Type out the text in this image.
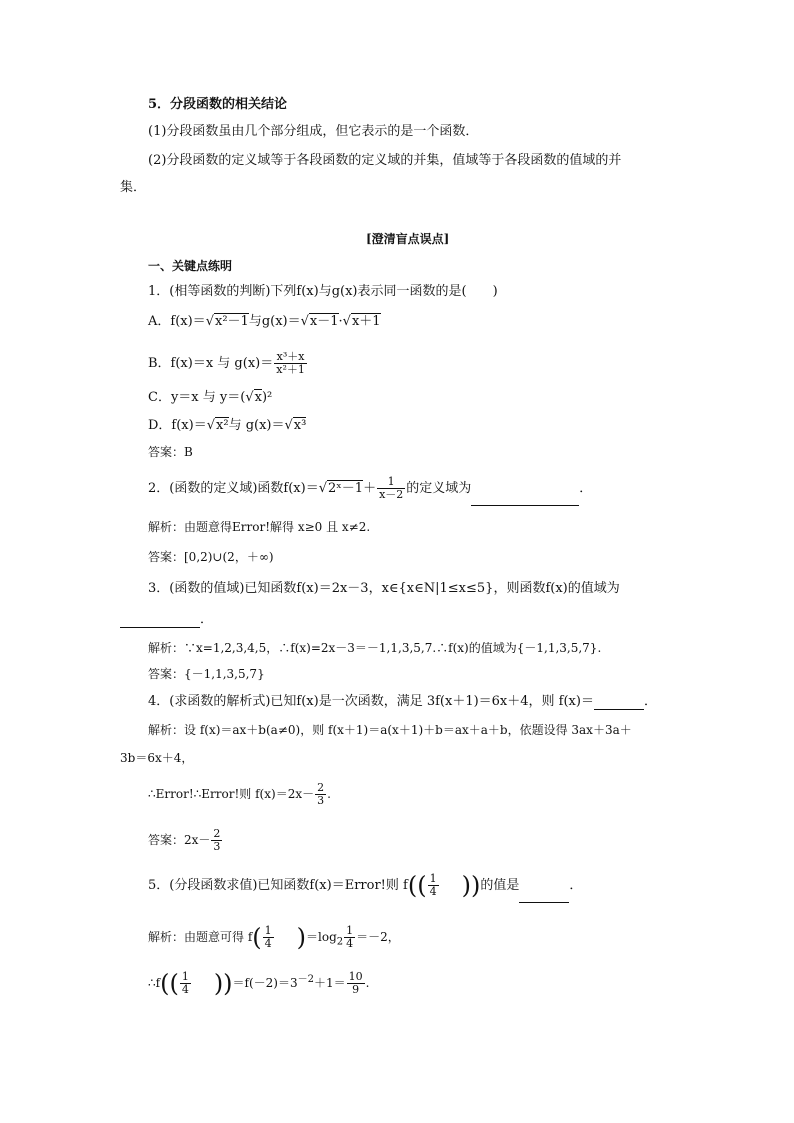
5．分段函数的相关结论
(1)分段函数虽由几个部分组成，但它表示的是一个函数．
(2)分段函数的定义域等于各段函数的定义域的并集，值域等于各段函数的值域的并
集．
[澄清盲点误点]
一、关键点练明
1．(相等函数的判断)下列f(x)与g(x)表示同一函数的是(　　)
A．f(x)＝√x²－1与g(x)＝√x－1·√x＋1
B．f(x)＝x 与 $g(x)= \frac{\text{x³＋x}}{\text{x²＋1}}$
C．y＝x 与 y＝(√x)²
D．f(x)＝√x²与 g(x)＝√x³
答案：B
2．(函数的定义域)函数f(x)＝√2ˣ－1＋ $\frac{1}{x-2}$ 的定义域为	．
解析：由题意得Error!解得 x≥0 且 x≠2.
答案：[0,2)∪(2，＋∞)
3．(函数的值域)已知函数f(x)＝2x－3，x∈{x∈N|1≤x≤5}，则函数f(x)的值域为
．
解析：∵x=1,2,3,4,5，∴f(x)=2x－3＝－1,1,3,5,7.∴f(x)的值域为{－1,1,3,5,7}.
答案：{－1,1,3,5,7}
4．(求函数的解析式)已知f(x)是一次函数，满足 3f(x＋1)＝6x＋4，则 f(x)＝	．
解析：设 f(x)＝ax＋b(a≠0)，则 f(x＋1)＝a(x＋1)＋b＝ax＋a＋b，依题设得 3ax＋3a＋
3b＝6x＋4，
∴Error!∴Error!则 $f(x)=2x- \frac{2}{3}$ .
答案：$2x- \frac{2}{3}$
5．(分段函数求值)已知函数f(x)＝Error!则 $f(( \frac{1}{4}$ ))的值是	．
解析：由题意可得 $f( \frac{1}{4} )=\log_2 \frac{1}{4} =-2$，
∴f(( $\frac{1}{4} ))=f(-2)=3^{-2}+1= \frac{10}{9}$ .
